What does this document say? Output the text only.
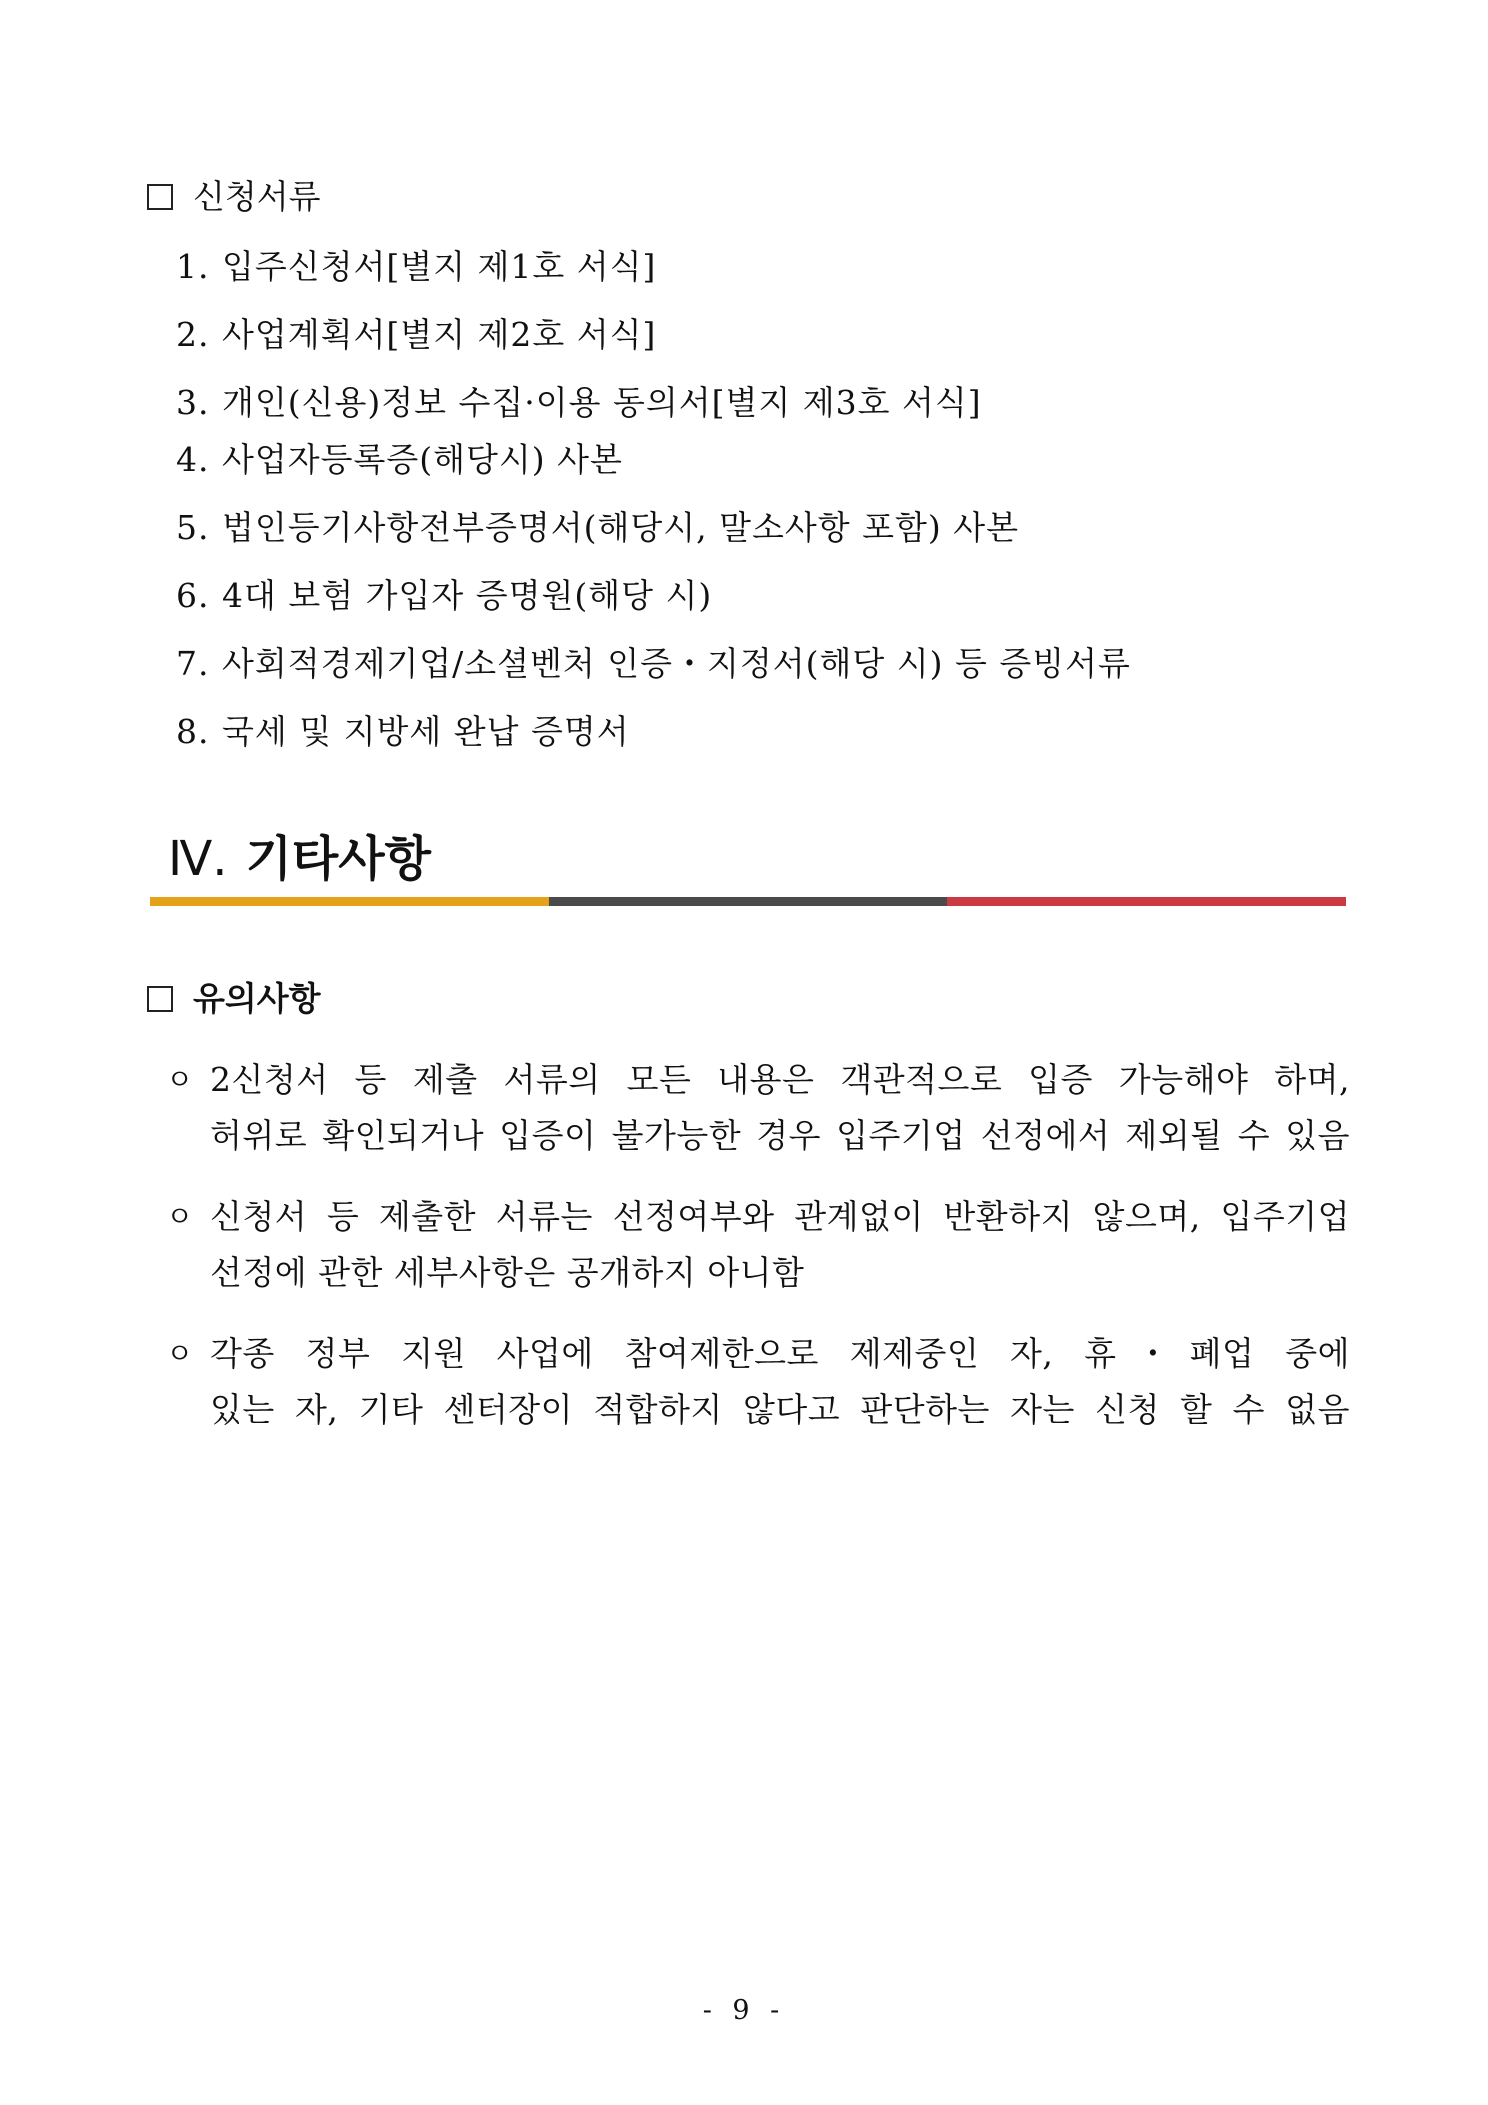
신청서류
1. 입주신청서[별지 제1호 서식]
2. 사업계획서[별지 제2호 서식]
3. 개인(신용)정보 수집·이용 동의서[별지 제3호 서식]
4. 사업자등록증(해당시) 사본
5. 법인등기사항전부증명서(해당시, 말소사항 포함) 사본
6. 4대 보험 가입자 증명원(해당 시)
7. 사회적경제기업/소셜벤처 인증・지정서(해당 시) 등 증빙서류
8. 국세 및 지방세 완납 증명서
Ⅳ. 기타사항
유의사항
ㅇ 2신청서 등 제출 서류의 모든 내용은 객관적으로 입증 가능해야 하며,
허위로 확인되거나 입증이 불가능한 경우 입주기업 선정에서 제외될 수 있음
ㅇ 신청서 등 제출한 서류는 선정여부와 관계없이 반환하지 않으며, 입주기업
선정에 관한 세부사항은 공개하지 아니함
ㅇ 각종 정부 지원 사업에 참여제한으로 제제중인 자, 휴・폐업 중에
있는 자, 기타 센터장이 적합하지 않다고 판단하는 자는 신청 할 수 없음
- 9 -
